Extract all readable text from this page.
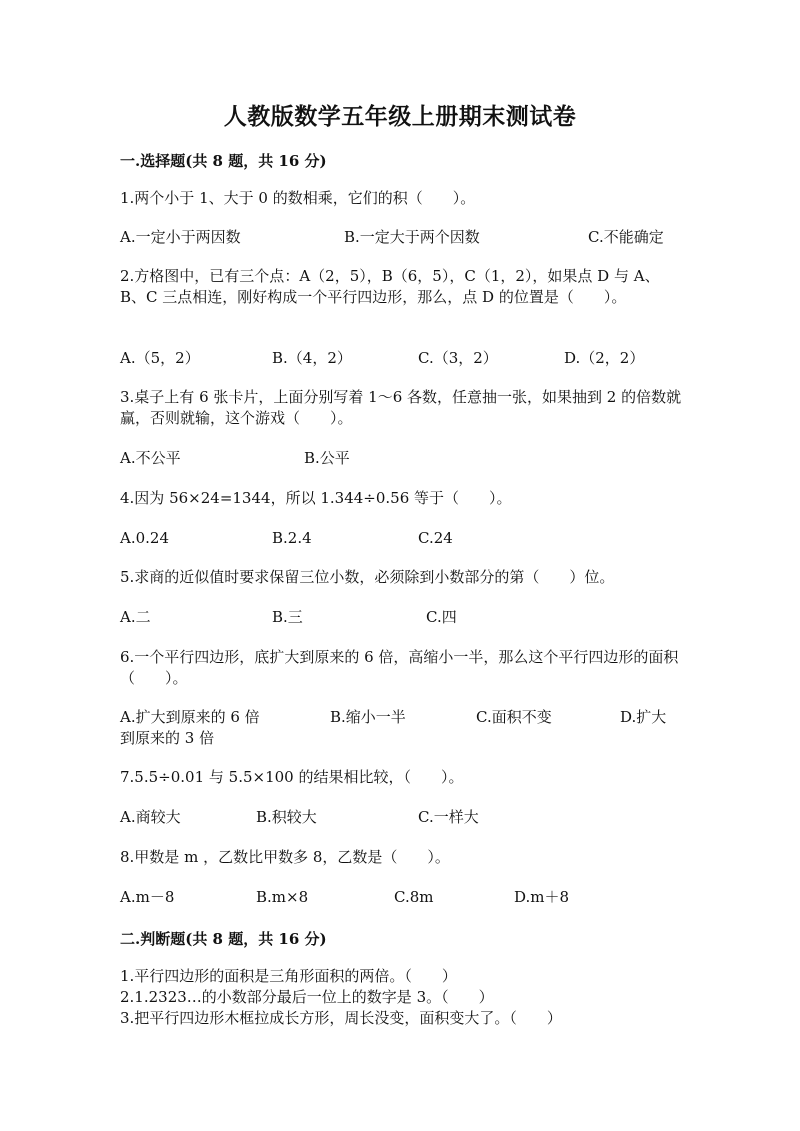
人教版数学五年级上册期末测试卷
一.选择题(共 8 题，共 16 分)
1.两个小于 1、大于 0 的数相乘，它们的积（　　）。
A.一定小于两因数	B.一定大于两个因数	C.不能确定
2.方格图中，已有三个点：A（2，5），B（6，5），C（1，2），如果点 D 与 A、B、C 三点相连，刚好构成一个平行四边形，那么，点 D 的位置是（　　）。
A.（5，2）	B.（4，2）	C.（3，2）	D.（2，2）
3.桌子上有 6 张卡片，上面分别写着 1～6 各数，任意抽一张，如果抽到 2 的倍数就赢，否则就输，这个游戏（　　）。
A.不公平	B.公平
4.因为 56×24=1344，所以 1.344÷0.56 等于（　　）。
A.0.24	B.2.4	C.24
5.求商的近似值时要求保留三位小数，必须除到小数部分的第（　　）位。
A.二	B.三	C.四
6.一个平行四边形，底扩大到原来的 6 倍，高缩小一半，那么这个平行四边形的面积（　　）。
A.扩大到原来的 6 倍	B.缩小一半	C.面积不变	D.扩大
到原来的 3 倍
7.5.5÷0.01 与 5.5×100 的结果相比较，（　　）。
A.商较大	B.积较大	C.一样大
8.甲数是 m ，乙数比甲数多 8，乙数是（　　）。
A.m－8	B.m×8	C.8m	D.m＋8
二.判断题(共 8 题，共 16 分)
1.平行四边形的面积是三角形面积的两倍。（　　）
2.1.2323…的小数部分最后一位上的数字是 3。（　　）
3.把平行四边形木框拉成长方形，周长没变，面积变大了。（　　）
